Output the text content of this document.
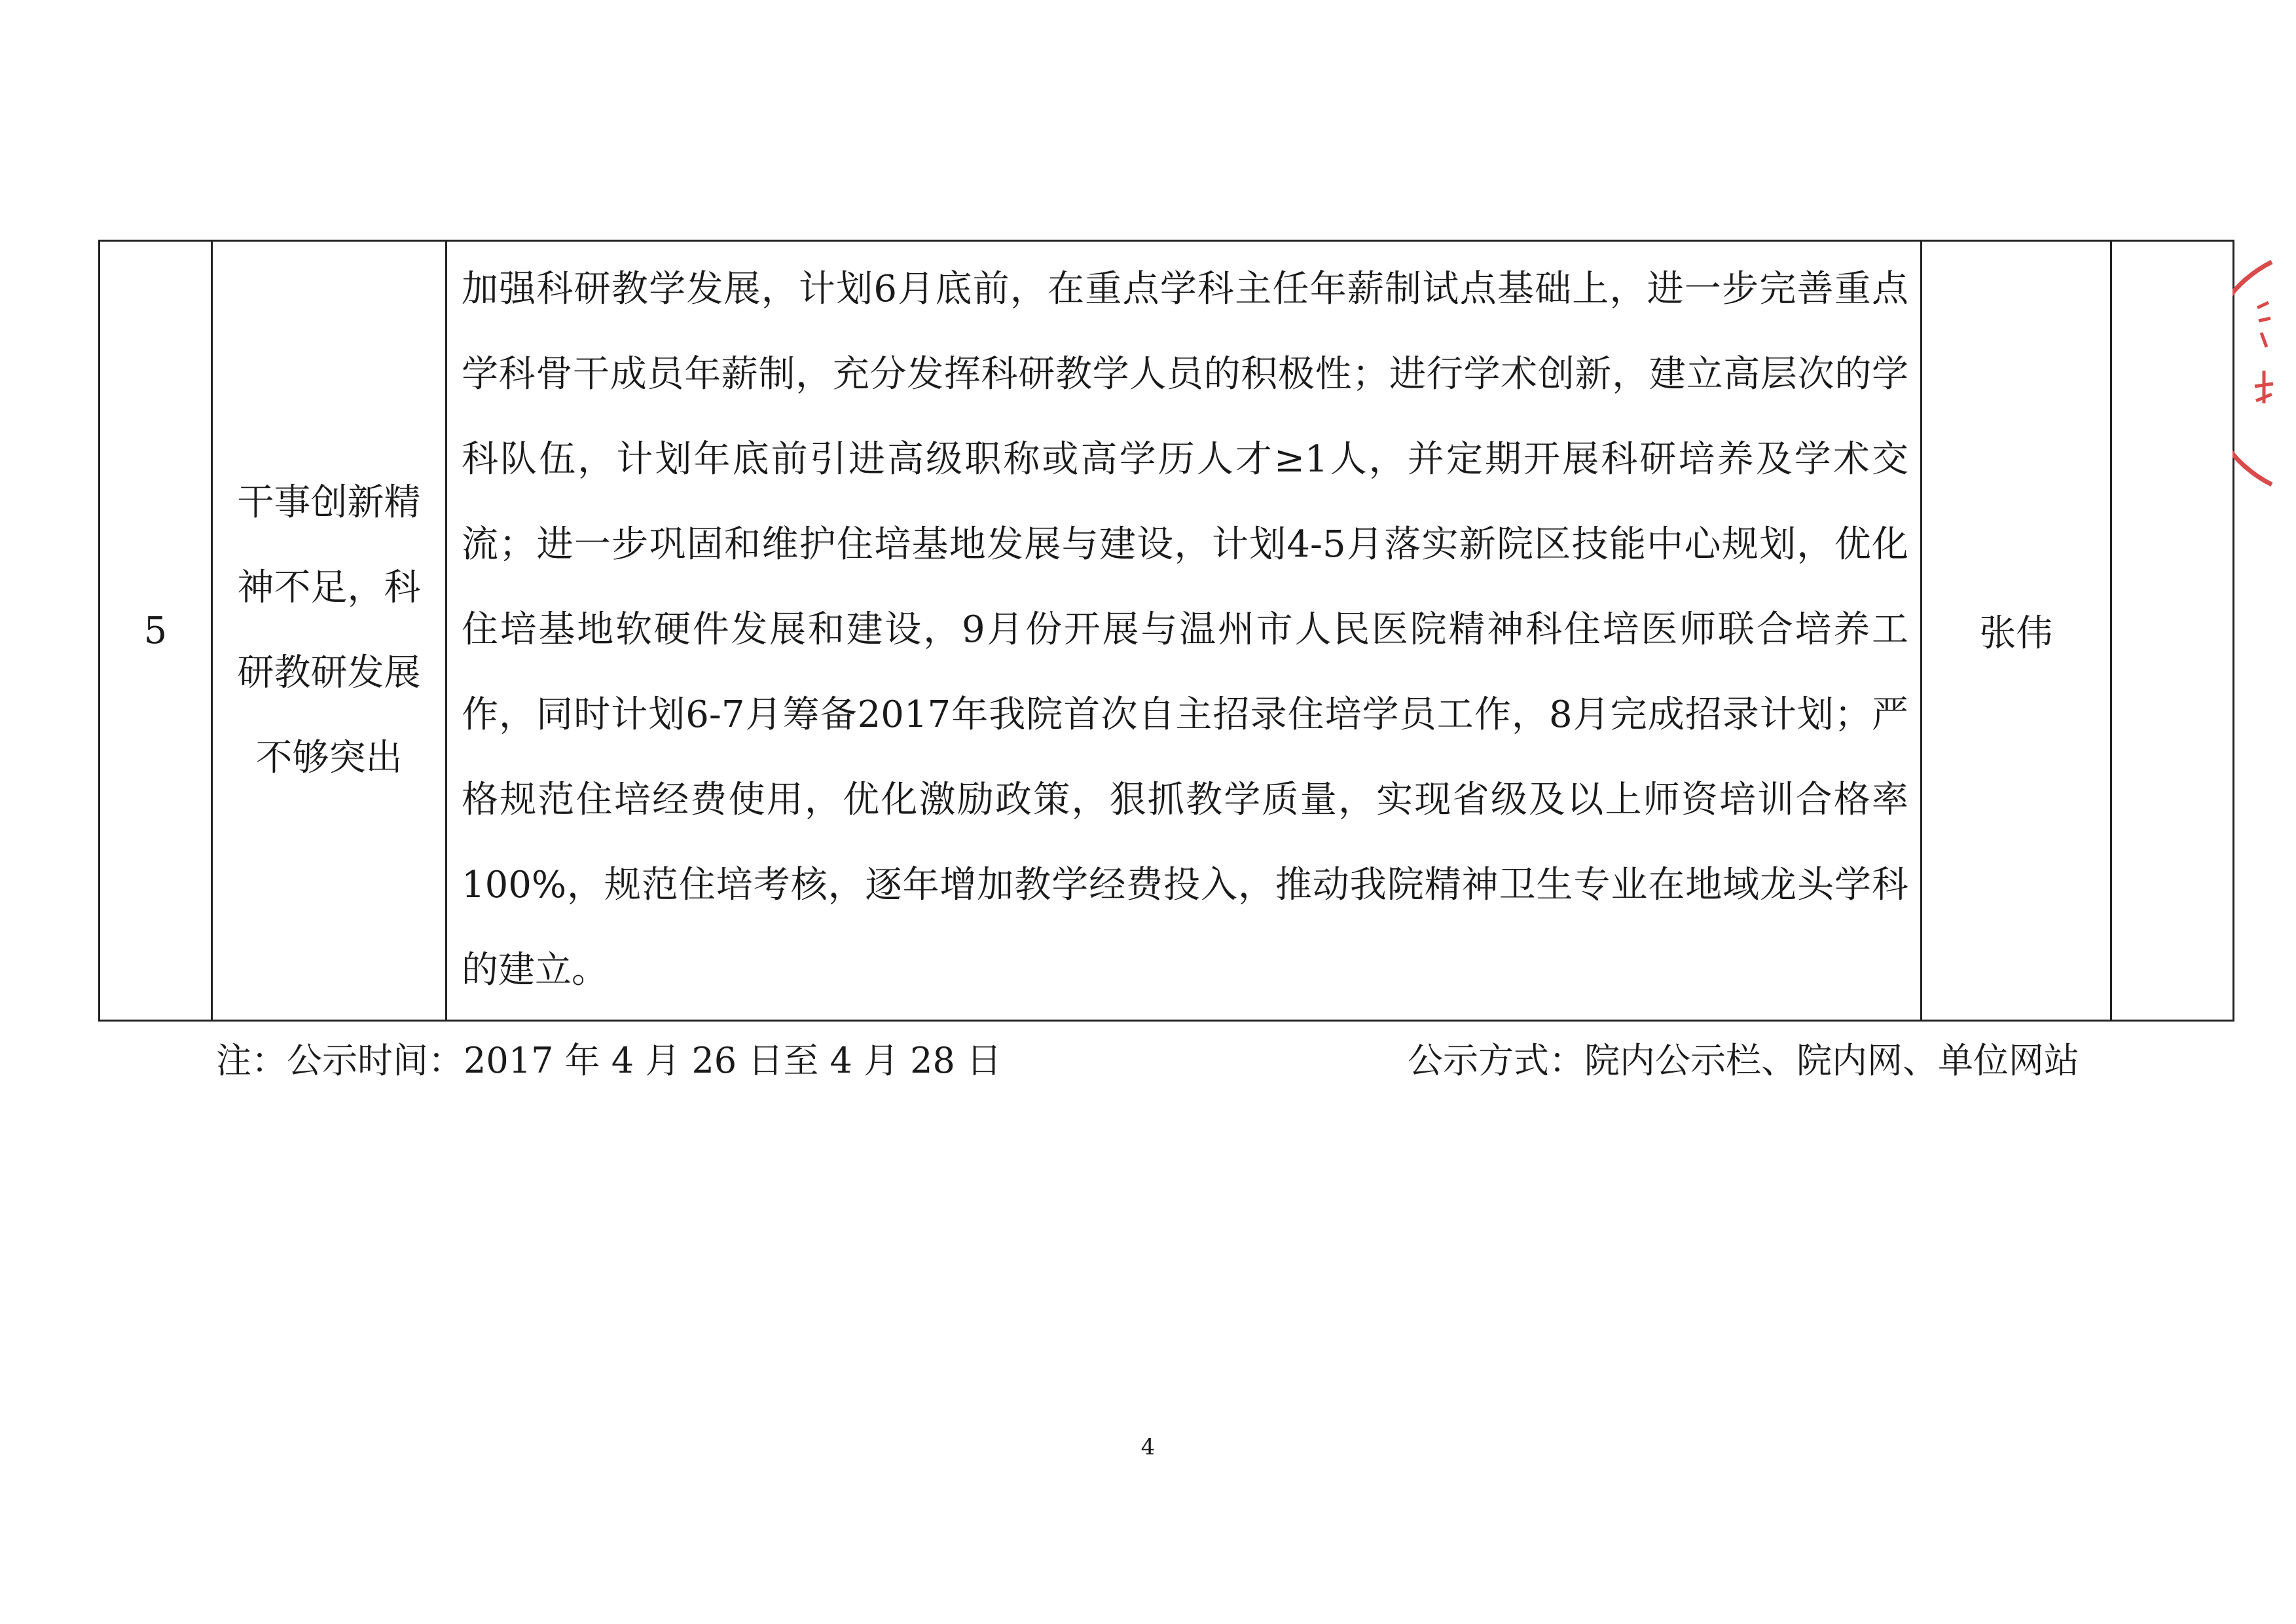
5	干事创新精神不足，科研教研发展不够突出	加强科研教学发展，计划6月底前，在重点学科主任年薪制试点基础上，进一步完善重点学科骨干成员年薪制，充分发挥科研教学人员的积极性；进行学术创新，建立高层次的学科队伍，计划年底前引进高级职称或高学历人才≥1人，并定期开展科研培养及学术交流；进一步巩固和维护住培基地发展与建设，计划4-5月落实新院区技能中心规划，优化住培基地软硬件发展和建设，9月份开展与温州市人民医院精神科住培医师联合培养工作，同时计划6-7月筹备2017年我院首次自主招录住培学员工作，8月完成招录计划；严格规范住培经费使用，优化激励政策，狠抓教学质量，实现省级及以上师资培训合格率100%，规范住培考核，逐年增加教学经费投入，推动我院精神卫生专业在地域龙头学科的建立。	张伟	
注：公示时间：2017 年 4 月 26 日至 4 月 28 日	公示方式：院内公示栏、院内网、单位网站
4
